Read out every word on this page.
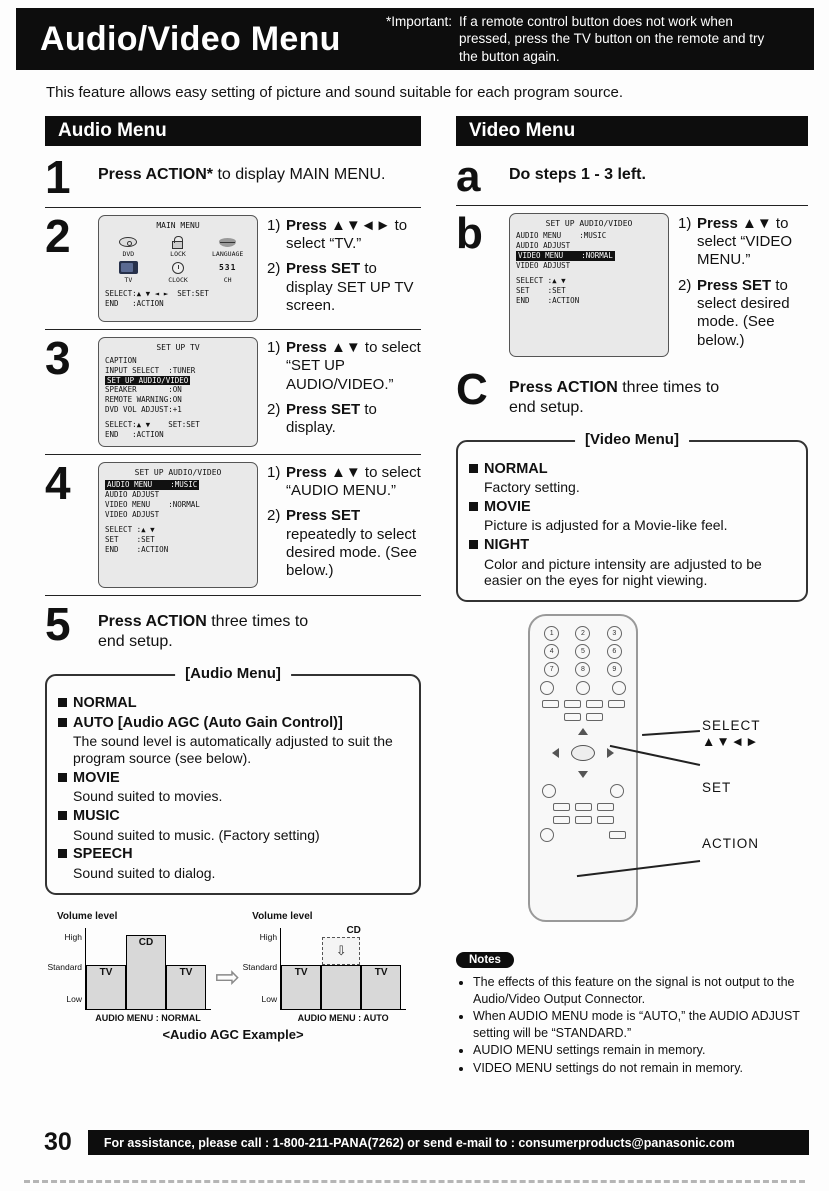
Audio/Video Menu	*Important: If a remote control button does not work when pressed, press the TV button on the remote and try the button again.

This feature allows easy setting of picture and sound suitable for each program source.

Audio Menu
1	Press ACTION* to display MAIN MENU.

2	MAIN MENU
DVD	LOCK	LANGUAGE
TV	CLOCK
531
CH
SELECT:▲ ▼ ◄ ►  SET:SET
END   :ACTION
1) Press ▲▼◄► to select “TV.”

2) Press SET to display SET UP TV screen.

3	SET UP TV
CAPTION
INPUT SELECT  :TUNER
SET UP AUDIO/VIDEO
SPEAKER       :ON
REMOTE WARNING:ON
DVD VOL ADJUST:+1
SELECT:▲ ▼    SET:SET
END   :ACTION
1) Press ▲▼ to select “SET UP AUDIO/VIDEO.”

2) Press SET to display.

4	SET UP AUDIO/VIDEO
AUDIO MENU    :MUSIC
AUDIO ADJUST
VIDEO MENU    :NORMAL
VIDEO ADJUST
SELECT :▲ ▼
SET    :SET
END    :ACTION
1) Press ▲▼ to select “AUDIO MENU.”

2) Press SET repeatedly to select desired mode. (See below.)

5	Press ACTION three times to end setup.

[Audio Menu]
NORMAL
AUTO [Audio AGC (Auto Gain Control)]

The sound level is automatically adjusted to suit the program source (see below).

MOVIE

Sound suited to movies.

MUSIC

Sound suited to music. (Factory setting)

SPEECH

Sound suited to dialog.

Volume level
High
Standard
Low
TV
CD
TV
AUDIO MENU : NORMAL
⇨
Volume level
High
Standard
Low
TV
CD
⇩
TV
AUDIO MENU : AUTO
<Audio AGC Example>
Video Menu
a	Do steps 1 - 3 left.

b	SET UP AUDIO/VIDEO
AUDIO MENU    :MUSIC
AUDIO ADJUST
VIDEO MENU    :NORMAL
VIDEO ADJUST
SELECT :▲ ▼
SET    :SET
END    :ACTION
1) Press ▲▼ to select “VIDEO MENU.”

2) Press SET to select desired mode. (See below.)

C	Press ACTION three times to end setup.

[Video Menu]
NORMAL

Factory setting.

MOVIE

Picture is adjusted for a Movie-like feel.

NIGHT

Color and picture intensity are adjusted to be easier on the eyes for night viewing.

1	2	3
4	5	6
7	8	9
SELECT
▲▼◄►
SET
ACTION
Notes
• The effects of this feature on the signal is not output to the Audio/Video Output Connector.
• When AUDIO MENU mode is “AUTO,” the AUDIO ADJUST setting will be “STANDARD.”
• AUDIO MENU settings remain in memory.
• VIDEO MENU settings do not remain in memory.
30	For assistance, please call : 1-800-211-PANA(7262) or send e-mail to : consumerproducts@panasonic.com
